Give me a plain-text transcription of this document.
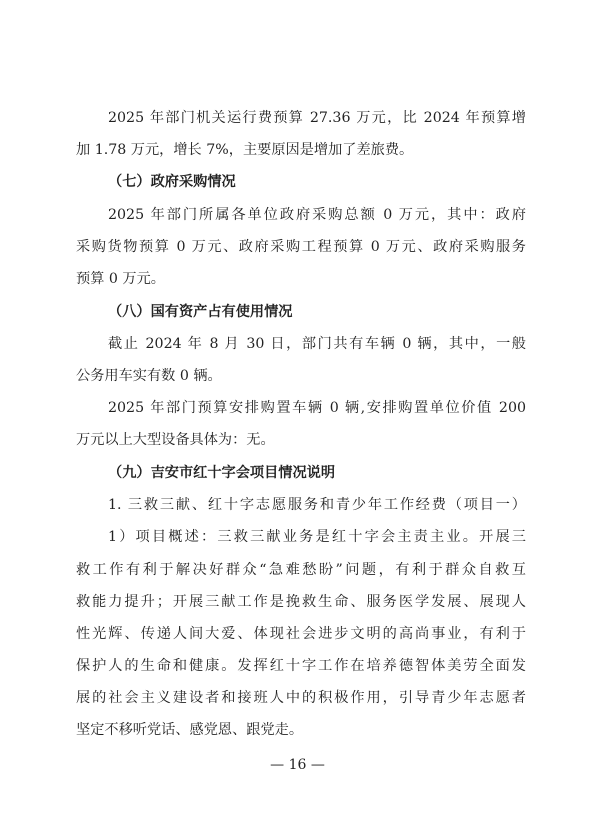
2025 年部门机关运行费预算 27.36 万元，比 2024 年预算增
加 1.78 万元，增长 7%，主要原因是增加了差旅费。
（七）政府采购情况
2025 年部门所属各单位政府采购总额 0 万元，其中：政府
采购货物预算 0 万元、政府采购工程预算 0 万元、政府采购服务
预算 0 万元。
（八）国有资产占有使用情况
截止 2024 年 8 月 30 日，部门共有车辆 0 辆，其中，一般
公务用车实有数 0 辆。
2025 年部门预算安排购置车辆 0 辆,安排购置单位价值 200
万元以上大型设备具体为：无。
（九）吉安市红十字会项目情况说明
1. 三救三献、红十字志愿服务和青少年工作经费（项目一）
1）项目概述：三救三献业务是红十字会主责主业。开展三
救工作有利于解决好群众“急难愁盼”问题，有利于群众自救互
救能力提升；开展三献工作是挽救生命、服务医学发展、展现人
性光辉、传递人间大爱、体现社会进步文明的高尚事业，有利于
保护人的生命和健康。发挥红十字工作在培养德智体美劳全面发
展的社会主义建设者和接班人中的积极作用，引导青少年志愿者
坚定不移听党话、感党恩、跟党走。
— 16 —
